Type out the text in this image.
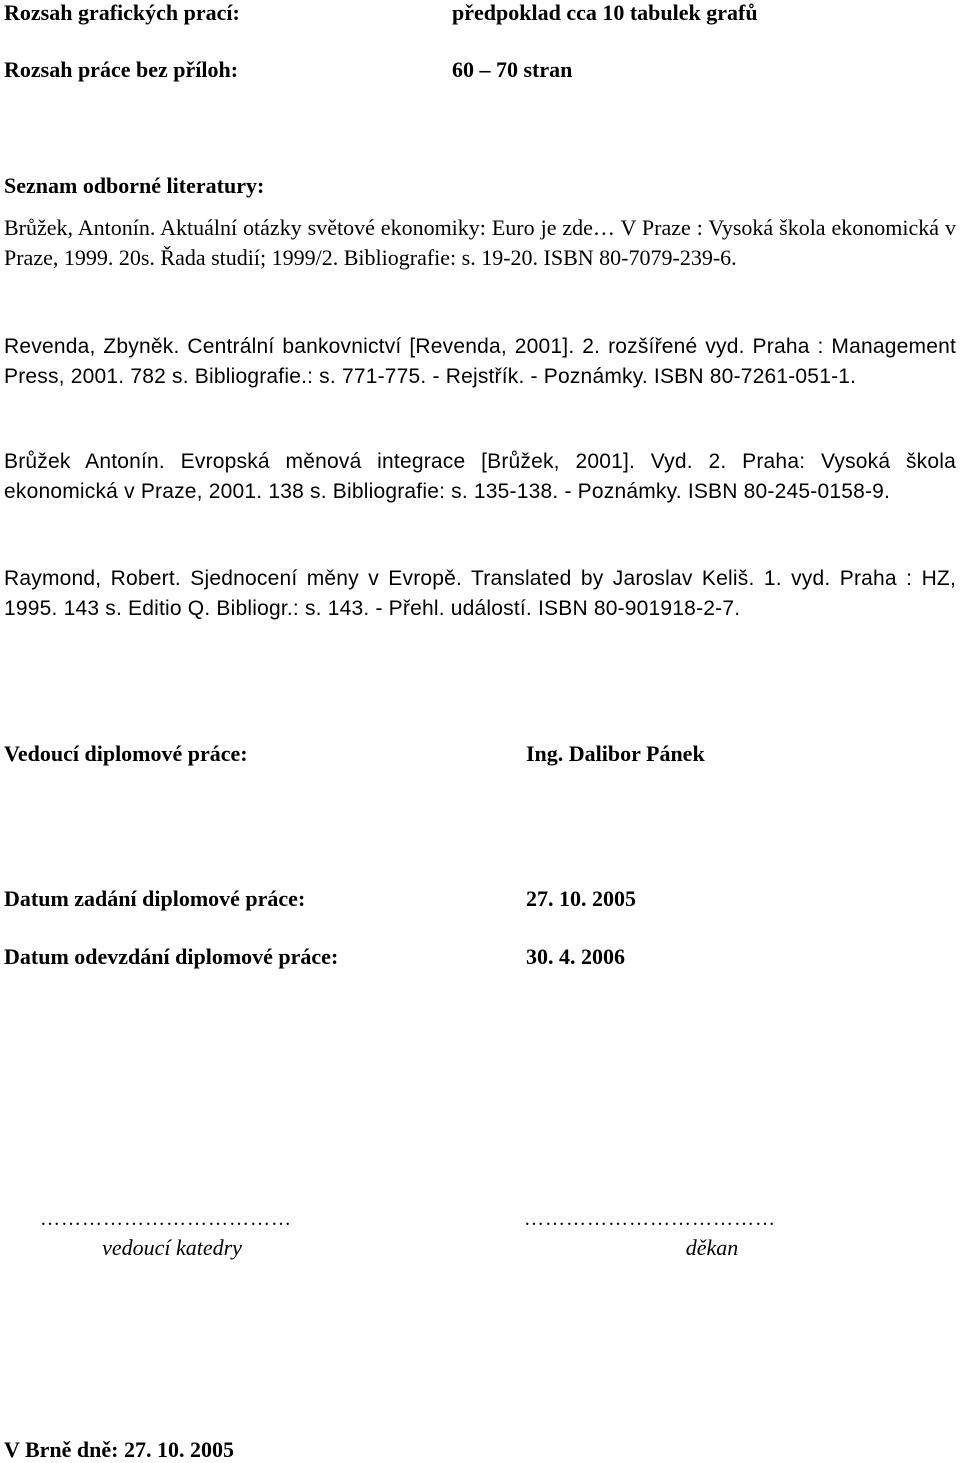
Rozsah grafických prací:	předpoklad cca 10 tabulek grafů
Rozsah práce bez příloh:	60 – 70 stran
Seznam odborné literatury:
Brůžek, Antonín. Aktuální otázky světové ekonomiky: Euro je zde… V Praze : Vysoká škola ekonomická v Praze, 1999. 20s. Řada studií; 1999/2. Bibliografie: s. 19-20. ISBN 80-7079-239-6.
Revenda, Zbyněk. Centrální bankovnictví [Revenda, 2001]. 2. rozšířené vyd. Praha : Management Press, 2001. 782 s. Bibliografie.: s. 771-775. - Rejstřík. - Poznámky. ISBN 80-7261-051-1.
Brůžek Antonín. Evropská měnová integrace [Brůžek, 2001]. Vyd. 2. Praha: Vysoká škola ekonomická v Praze, 2001. 138 s. Bibliografie: s. 135-138. - Poznámky. ISBN 80-245-0158-9.
Raymond, Robert. Sjednocení měny v Evropě. Translated by Jaroslav Keliš. 1. vyd. Praha : HZ, 1995. 143 s. Editio Q. Bibliogr.: s. 143. - Přehl. událostí. ISBN 80-901918-2-7.
Vedoucí diplomové práce:	Ing. Dalibor Pánek
Datum zadání diplomové práce:	27. 10. 2005
Datum odevzdání diplomové práce:	30. 4. 2006
………………………………	………………………………
vedoucí katedry	děkan
V Brně dně: 27. 10. 2005
